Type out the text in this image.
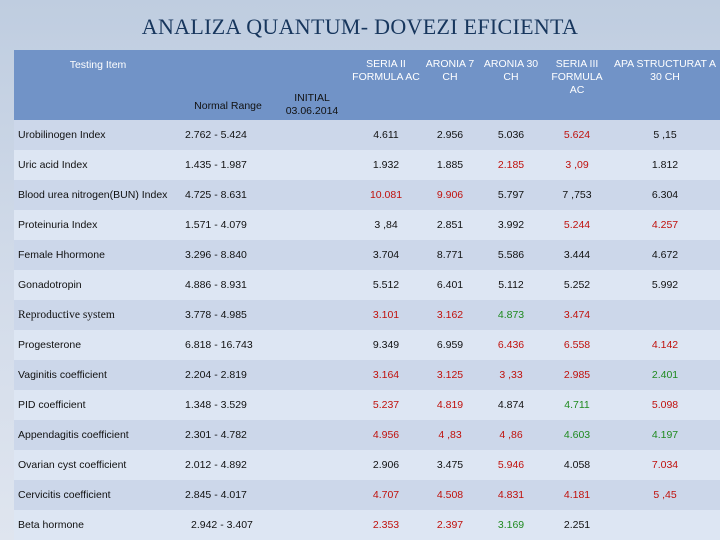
ANALIZA QUANTUM- DOVEZI EFICIENTA
Testing Item	Normal Range	INITIAL 03.06.2014	SERIA II FORMULA AC	ARONIA 7 CH	ARONIA 30 CH	SERIA III FORMULA AC	APA STRUCTURAT A 30 CH
Urobilinogen Index	2.762 - 5.424		4.611	2.956	5.036	5.624	5 ,15
Uric acid Index	1.435 - 1.987		1.932	1.885	2.185	3 ,09	1.812
Blood urea nitrogen(BUN) Index	4.725 - 8.631		10.081	9.906	5.797	7 ,753	6.304
Proteinuria Index	1.571 - 4.079		3 ,84	2.851	3.992	5.244	4.257
Female Hhormone	3.296 - 8.840		3.704	8.771	5.586	3.444	4.672
Gonadotropin	4.886 - 8.931		5.512	6.401	5.112	5.252	5.992
Reproductive system	3.778 - 4.985		3.101	3.162	4.873	3.474	
Progesterone	6.818 - 16.743		9.349	6.959	6.436	6.558	4.142
Vaginitis coefficient	2.204 - 2.819		3.164	3.125	3 ,33	2.985	2.401
PID coefficient	1.348 - 3.529		5.237	4.819	4.874	4.711	5.098
Appendagitis coefficient	2.301 - 4.782		4.956	4 ,83	4 ,86	4.603	4.197
Ovarian cyst coefficient	2.012 - 4.892		2.906	3.475	5.946	4.058	7.034
Cervicitis coefficient	2.845 - 4.017		4.707	4.508	4.831	4.181	5 ,45
Beta hormone	2.942 - 3.407		2.353	2.397	3.169	2.251	
